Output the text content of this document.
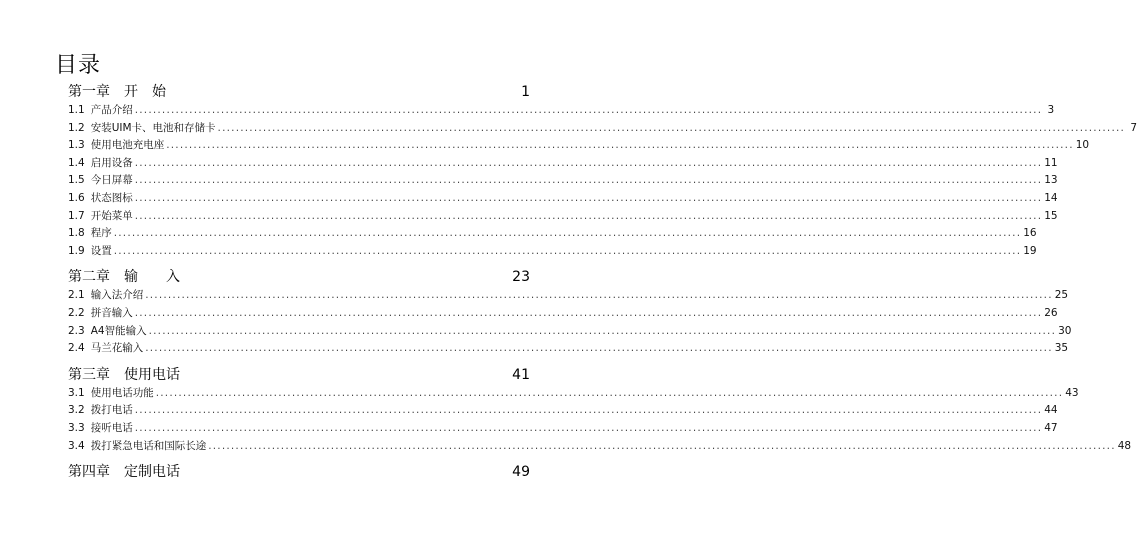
目录
第一章　开　始	1
1.1 产品介绍 ........................................................................................................................................................................................................ 3
1.2 安装UIM卡、电池和存储卡 ........................................................................................................................................................................................................ 7
1.3 使用电池充电座 ........................................................................................................................................................................................................ 10
1.4 启用设备 ........................................................................................................................................................................................................ 11
1.5 今日屏幕 ........................................................................................................................................................................................................ 13
1.6 状态图标 ........................................................................................................................................................................................................ 14
1.7 开始菜单 ........................................................................................................................................................................................................ 15
1.8 程序 ........................................................................................................................................................................................................ 16
1.9 设置 ........................................................................................................................................................................................................ 19
第二章　输　　入	23
2.1 输入法介绍 ........................................................................................................................................................................................................ 25
2.2 拼音输入 ........................................................................................................................................................................................................ 26
2.3 A4智能输入 ........................................................................................................................................................................................................ 30
2.4 马兰花输入 ........................................................................................................................................................................................................ 35
第三章　使用电话	41
3.1 使用电话功能 ........................................................................................................................................................................................................ 43
3.2 拨打电话 ........................................................................................................................................................................................................ 44
3.3 接听电话 ........................................................................................................................................................................................................ 47
3.4 拨打紧急电话和国际长途 ........................................................................................................................................................................................................ 48
第四章　定制电话	49
